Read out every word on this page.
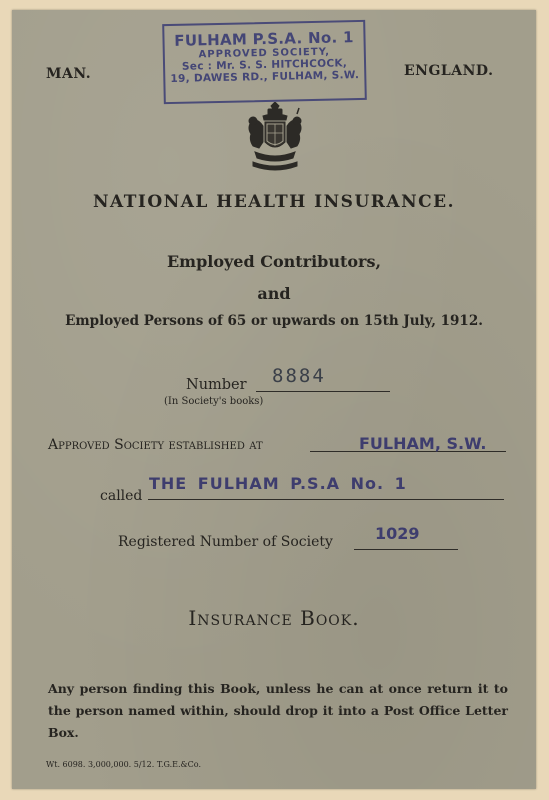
MAN.	ENGLAND.
FULHAM P.S.A. No. 1
APPROVED SOCIETY,
Sec : Mr. S. S. HITCHCOCK,
19, DAWES RD., FULHAM, S.W.
NATIONAL HEALTH INSURANCE.
Employed Contributors,
and
Employed Persons of 65 or upwards on 15th July, 1912.
Number 8884
(In Society's books)
Approved Society established at	FULHAM, S.W.
called
THE FULHAM P.S.A No. 1
Registered Number of Society	1029
Insurance Book.
Any person finding this Book, unless he can at once return it to the person named within, should drop it into a Post Office Letter Box.
Wt. 6098. 3,000,000. 5/12. T.G.E.&Co.
